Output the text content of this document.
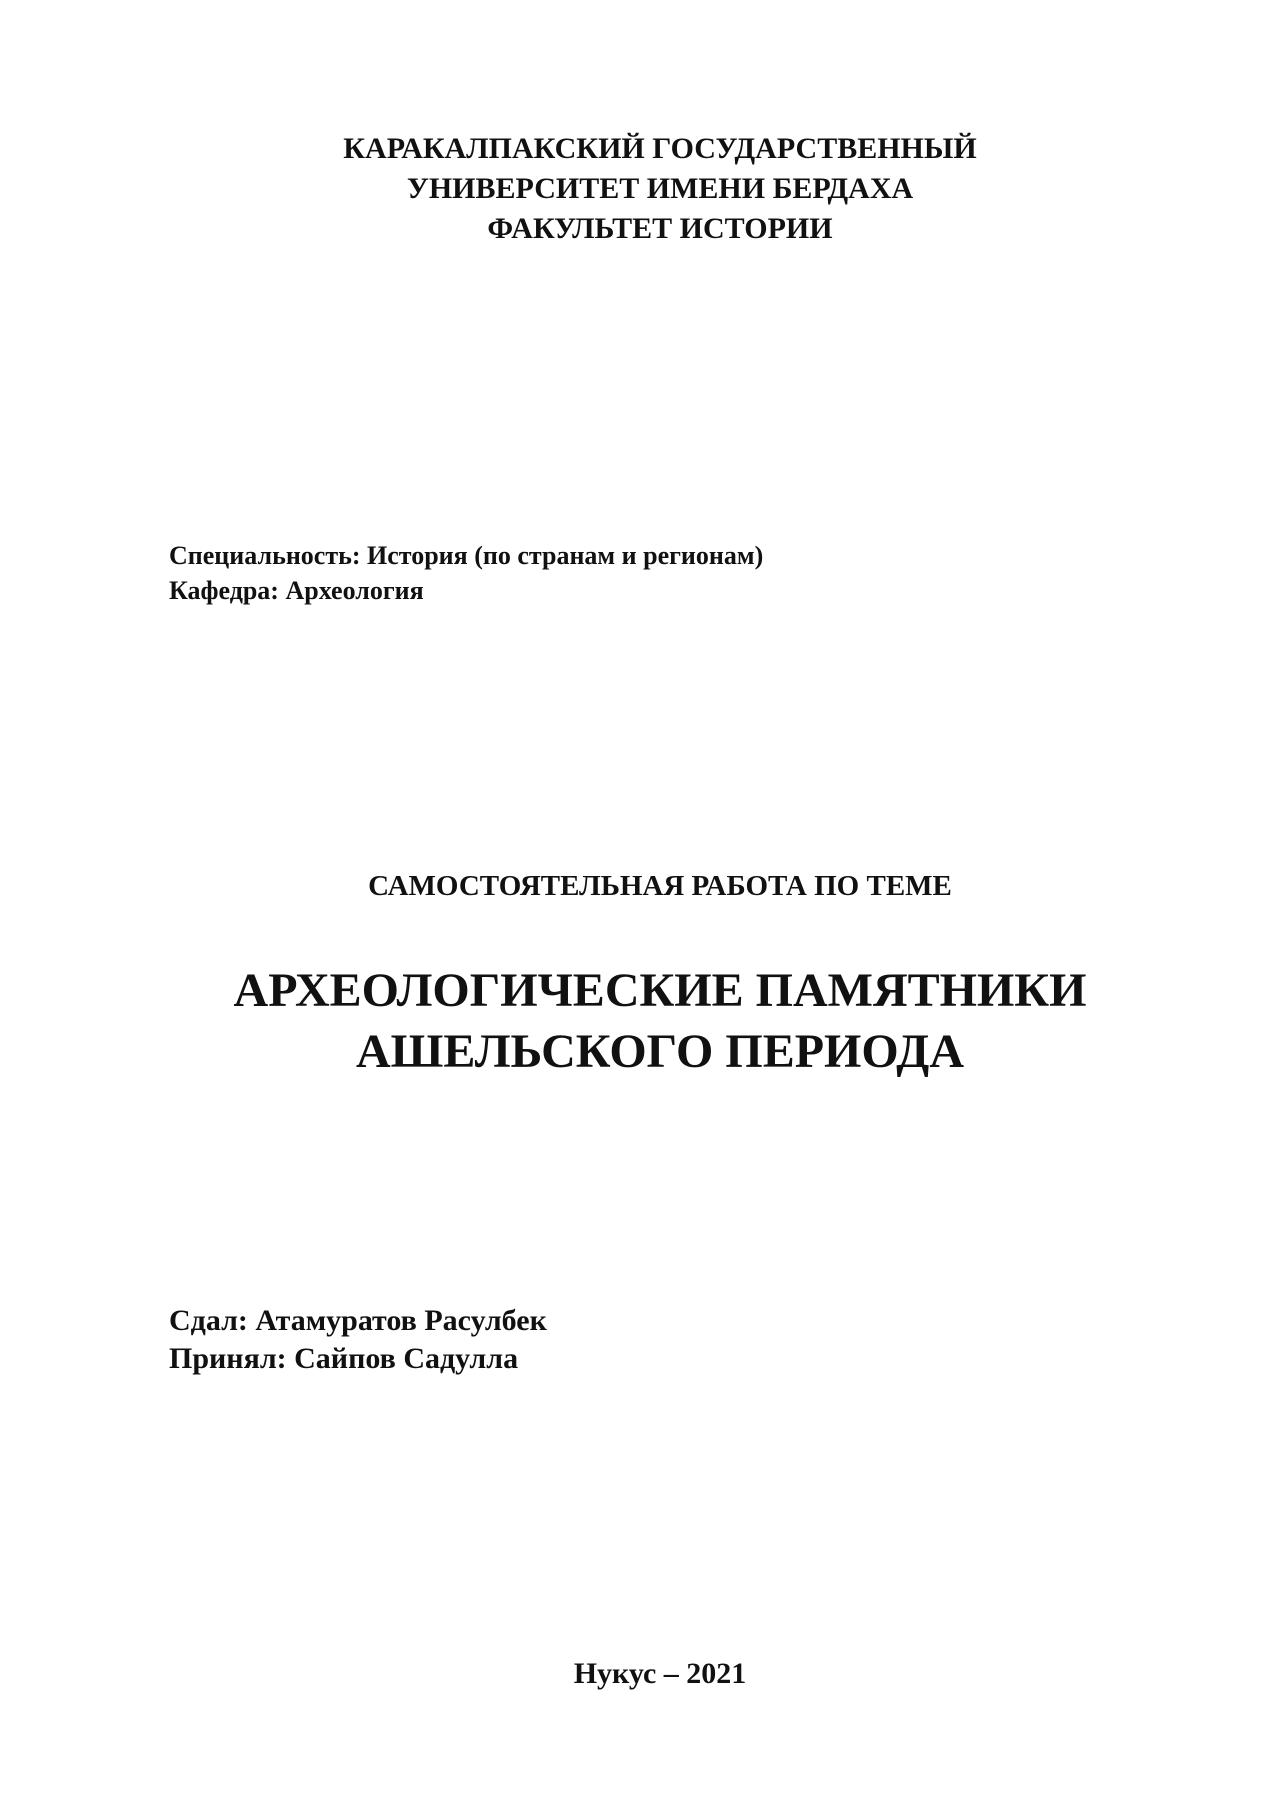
КАРАКАЛПАКСКИЙ ГОСУДАРСТВЕННЫЙ
УНИВЕРСИТЕТ ИМЕНИ БЕРДАХА
ФАКУЛЬТЕТ ИСТОРИИ
Специальность: История (по странам и регионам)
Кафедра: Археология
САМОСТОЯТЕЛЬНАЯ РАБОТА ПО ТЕМЕ
АРХЕОЛОГИЧЕСКИЕ ПАМЯТНИКИ
АШЕЛЬСКОГО ПЕРИОДА
Сдал: Атамуратов Расулбек
Принял: Сайпов Садулла
Нукус – 2021
